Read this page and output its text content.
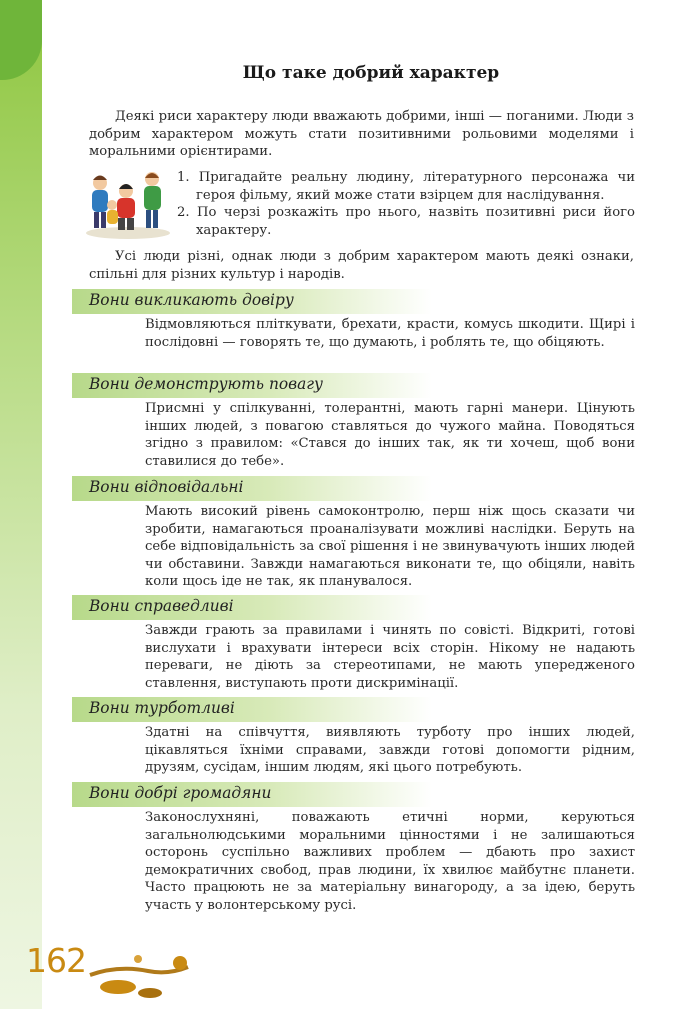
Що таке добрий характер
Деякі риси характеру люди вважають добрими, інші — поганими. Люди з добрим характером можуть стати позитивними рольовими моделями і моральними орієнтирами.

1. Пригадайте реальну людину, літературного персонажа чи героя фільму, який може стати взірцем для наслідування.

2. По черзі розкажіть про нього, назвіть позитивні риси його характеру.

Усі люди різні, однак люди з добрим характером мають деякі ознаки, спільні для різних культур і народів.
Вони викликають довіру
Відмовляються пліткувати, брехати, красти, комусь шкодити. Щирі і послідовні — говорять те, що думають, і роблять те, що обіцяють.
Вони демонструють повагу
Присмні у спілкуванні, толерантні, мають гарні манери. Цінують інших людей, з повагою ставляться до чужого майна. Поводяться згідно з правилом: «Стався до інших так, як ти хочеш, щоб вони ставилися до тебе».
Вони відповідальні
Мають високий рівень самоконтролю, перш ніж щось сказати чи зробити, намагаються проаналізувати можливі наслідки. Беруть на себе відповідальність за свої рішення і не звинувачують інших людей чи обставини. Завжди намагаються виконати те, що обіцяли, навіть коли щось іде не так, як планувалося.
Вони справедливі
Завжди грають за правилами і чинять по совісті. Відкриті, готові вислухати і врахувати інтереси всіх сторін. Нікому не надають переваги, не діють за стереотипами, не мають упередженого ставлення, виступають проти дискримінації.
Вони турботливі
Здатні на співчуття, виявляють турботу про інших людей, цікавляться їхніми справами, завжди готові допомогти рідним, друзям, сусідам, іншим людям, які цього потребують.
Вони добрі громадяни
Законослухняні, поважають етичні норми, керуються загальнолюдськими моральними цінностями і не залишаються осторонь суспільно важливих проблем — дбають про захист демократичних свобод, прав людини, їх хвилює майбутнє планети. Часто працюють не за матеріальну винагороду, а за ідею, беруть участь у волонтерському русі.
162
